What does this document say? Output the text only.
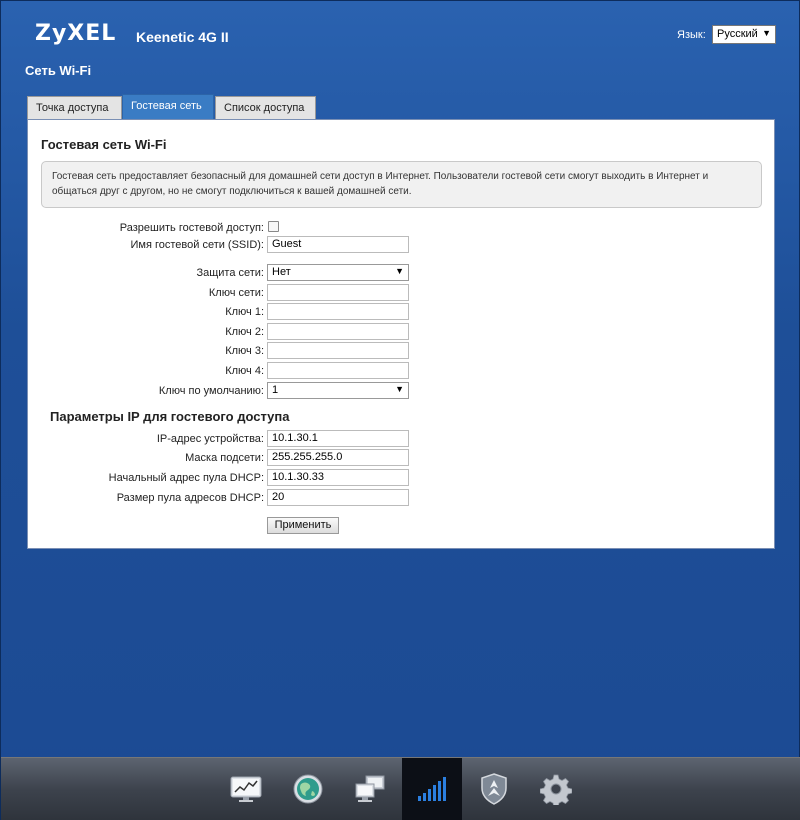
ZyXEL Keenetic 4G II	Язык:	Русский ▼
Сеть Wi-Fi
Точка доступа	Гостевая сеть	Список доступа
Гостевая сеть Wi-Fi
Гостевая сеть предоставляет безопасный для домашней сети доступ в Интернет. Пользователи гостевой сети смогут выходить в Интернет и общаться друг с другом, но не смогут подключиться к вашей домашней сети.
Разрешить гостевой доступ:
Имя гостевой сети (SSID): Guest
Защита сети: Нет	▼
Ключ сети:
Ключ 1:
Ключ 2:
Ключ 3:
Ключ 4:
Ключ по умолчанию: 1	▼
Параметры IP для гостевого доступа
IP-адрес устройства: 10.1.30.1
Маска подсети: 255.255.255.0
Начальный адрес пула DHCP: 10.1.30.33
Размер пула адресов DHCP: 20
Применить
